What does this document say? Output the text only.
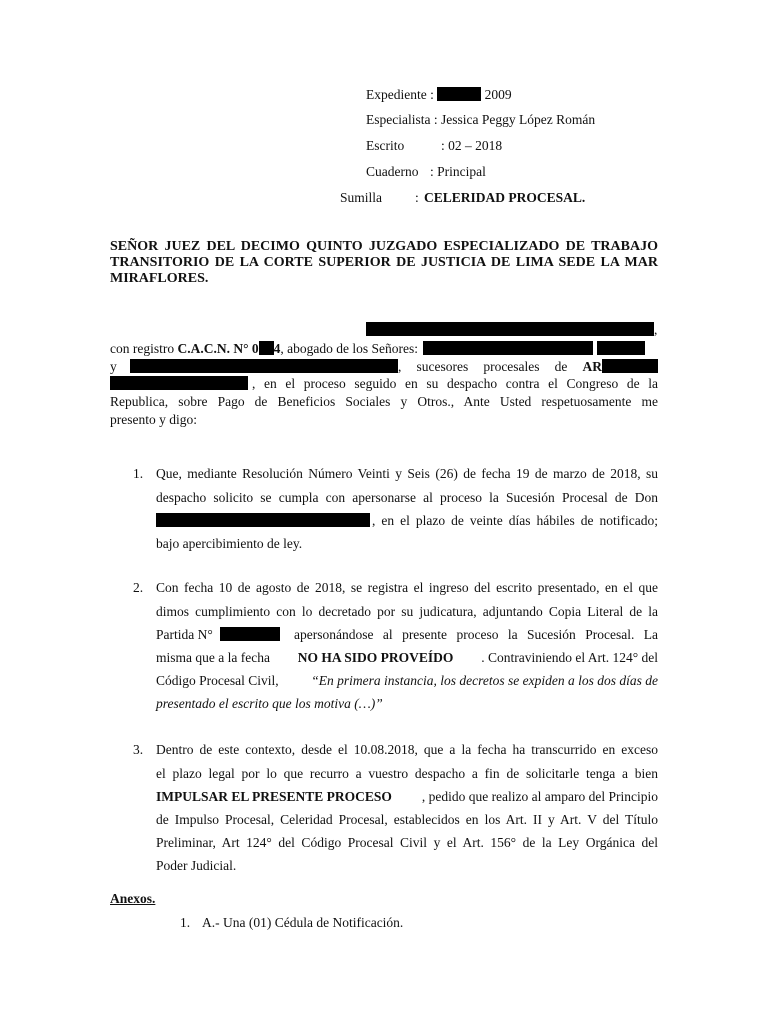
Expediente :	2009
Especialista : Jessica Peggy López Román
Escrito	: 02 – 2018
Cuaderno : Principal
Sumilla : CELERIDAD PROCESAL.
SEÑOR JUEZ DEL DECIMO QUINTO JUZGADO ESPECIALIZADO DE TRABAJO TRANSITORIO DE LA CORTE SUPERIOR DE JUSTICIA DE LIMA SEDE LA MAR MIRAFLORES.
,
con registro C.A.C.N. N° 0 4, abogado de los Señores:
y	, sucesores procesales de AR
, en el proceso seguido en su despacho contra el Congreso de la
Republica, sobre Pago de Beneficios Sociales y Otros., Ante Usted respetuosamente me
presento y digo:
1. Que, mediante Resolución Número Veinti y Seis (26) de fecha 19 de marzo de 2018, su
despacho solicito se cumpla con apersonarse al proceso la Sucesión Procesal de Don
, en el plazo de veinte días hábiles de notificado;
bajo apercibimiento de ley.
2. Con fecha 10 de agosto de 2018, se registra el ingreso del escrito presentado, en el que
dimos cumplimiento con lo decretado por su judicatura, adjuntando Copia Literal de la
Partida N°	apersonándose al presente proceso la Sucesión Procesal. La
misma que a la fecha NO HA SIDO PROVEÍDO . Contraviniendo el Art. 124° del
Código Procesal Civil, “En primera instancia, los decretos se expiden a los dos días de
presentado el escrito que los motiva (…)”
3. Dentro de este contexto, desde el 10.08.2018, que a la fecha ha transcurrido en exceso
el plazo legal por lo que recurro a vuestro despacho a fin de solicitarle tenga a bien
IMPULSAR EL PRESENTE PROCESO , pedido que realizo al amparo del Principio
de Impulso Procesal, Celeridad Procesal, establecidos en los Art. II y Art. V del Título
Preliminar, Art 124° del Código Procesal Civil y el Art. 156° de la Ley Orgánica del
Poder Judicial.
Anexos.
1. A.- Una (01) Cédula de Notificación.
